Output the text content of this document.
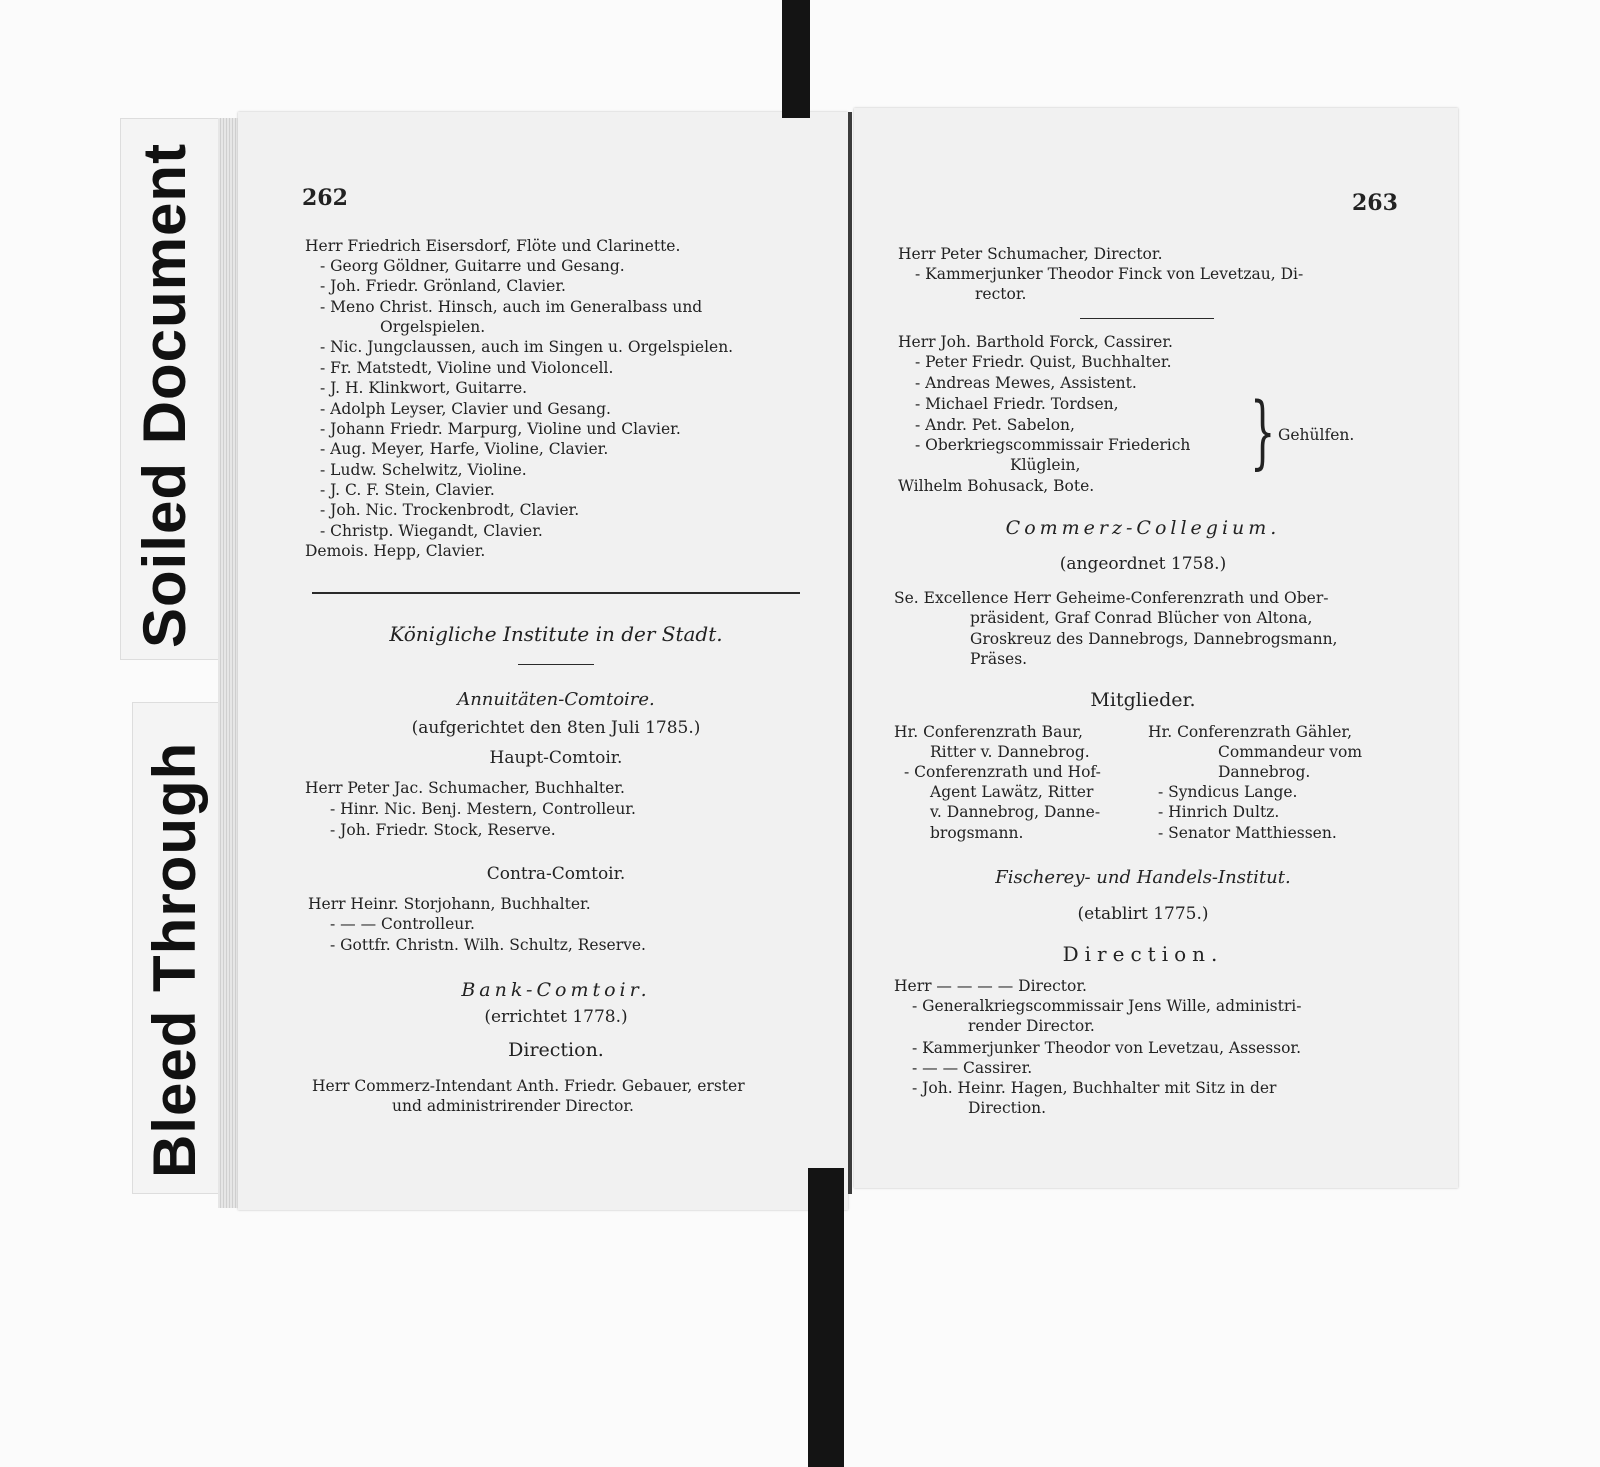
Soiled Document
Bleed Through
262
Herr Friedrich Eisersdorf, Flöte und Clarinette.
- Georg Göldner, Guitarre und Gesang.
- Joh. Friedr. Grönland, Clavier.
- Meno Christ. Hinsch, auch im Generalbass und
Orgelspielen.
- Nic. Jungclaussen, auch im Singen u. Orgelspielen.
- Fr. Matstedt, Violine und Violoncell.
- J. H. Klinkwort, Guitarre.
- Adolph Leyser, Clavier und Gesang.
- Johann Friedr. Marpurg, Violine und Clavier.
- Aug. Meyer, Harfe, Violine, Clavier.
- Ludw. Schelwitz, Violine.
- J. C. F. Stein, Clavier.
- Joh. Nic. Trockenbrodt, Clavier.
- Christp. Wiegandt, Clavier.
Demois. Hepp, Clavier.
Königliche Institute in der Stadt.
Annuitäten-Comtoire.
(aufgerichtet den 8ten Juli 1785.)
Haupt-Comtoir.
Herr Peter Jac. Schumacher, Buchhalter.
- Hinr. Nic. Benj. Mestern, Controlleur.
- Joh. Friedr. Stock, Reserve.
Contra-Comtoir.
Herr Heinr. Storjohann, Buchhalter.
- — — Controlleur.
- Gottfr. Christn. Wilh. Schultz, Reserve.
Bank-Comtoir.
(errichtet 1778.)
Direction.
Herr Commerz-Intendant Anth. Friedr. Gebauer, erster
und administrirender Director.
263
Herr Peter Schumacher, Director.
- Kammerjunker Theodor Finck von Levetzau, Di-
rector.
Herr Joh. Barthold Forck, Cassirer.
- Peter Friedr. Quist, Buchhalter.
- Andreas Mewes, Assistent.
- Michael Friedr. Tordsen,
- Andr. Pet. Sabelon,
- Oberkriegscommissair Friederich
Klüglein, } Gehülfen.
Wilhelm Bohusack, Bote.
Commerz-Collegium.
(angeordnet 1758.)
Se. Excellence Herr Geheime-Conferenzrath und Ober-
präsident, Graf Conrad Blücher von Altona,
Groskreuz des Dannebrogs, Dannebrogsmann,
Präses.
Mitglieder.
Hr. Conferenzrath Baur,
Ritter v. Dannebrog.
- Conferenzrath und Hof-
Agent Lawätz, Ritter
v. Dannebrog, Danne-
brogsmann.
Hr. Conferenzrath Gähler,
Commandeur vom
Dannebrog.
- Syndicus Lange.
- Hinrich Dultz.
- Senator Matthiessen.
Fischerey- und Handels-Institut.
(etablirt 1775.)
Direction.
Herr — — — — Director.
- Generalkriegscommissair Jens Wille, administri-
render Director.
- Kammerjunker Theodor von Levetzau, Assessor.
- — — Cassirer.
- Joh. Heinr. Hagen, Buchhalter mit Sitz in der
Direction.
